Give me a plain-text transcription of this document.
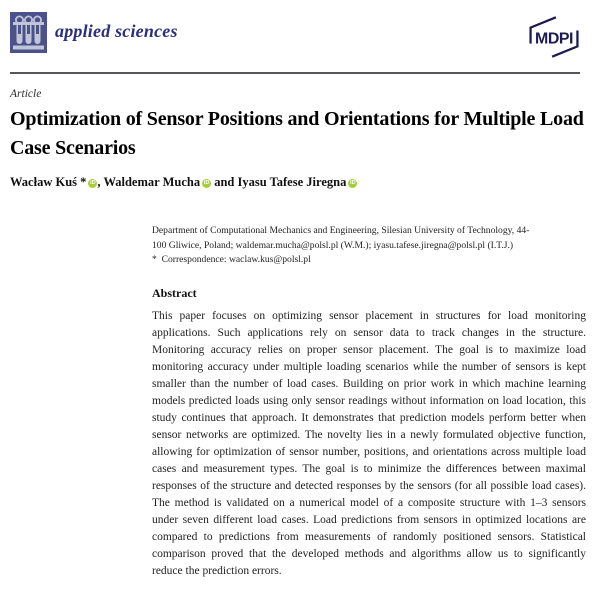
applied sciences	MDPI
Article
Optimization of Sensor Positions and Orientations for Multiple Load Case Scenarios
Wacław Kuś * iD , Waldemar Mucha iD and Iyasu Tafese Jiregna iD
Department of Computational Mechanics and Engineering, Silesian University of Technology, 44-100 Gliwice, Poland; waldemar.mucha@polsl.pl (W.M.); iyasu.tafese.jiregna@polsl.pl (I.T.J.)
*  Correspondence: waclaw.kus@polsl.pl
Abstract
This paper focuses on optimizing sensor placement in structures for load monitoring applications. Such applications rely on sensor data to track changes in the structure. Monitoring accuracy relies on proper sensor placement. The goal is to maximize load monitoring accuracy under multiple loading scenarios while the number of sensors is kept smaller than the number of load cases. Building on prior work in which machine learning models predicted loads using only sensor readings without information on load location, this study continues that approach. It demonstrates that prediction models perform better when sensor networks are optimized. The novelty lies in a newly formulated objective function, allowing for optimization of sensor number, positions, and orientations across multiple load cases and measurement types. The goal is to minimize the differences between maximal responses of the structure and detected responses by the sensors (for all possible load cases). The method is validated on a numerical model of a composite structure with 1–3 sensors under seven different load cases. Load predictions from sensors in optimized locations are compared to predictions from measurements of randomly positioned sensors. Statistical comparison proved that the developed methods and algorithms allow us to significantly reduce the prediction errors.
